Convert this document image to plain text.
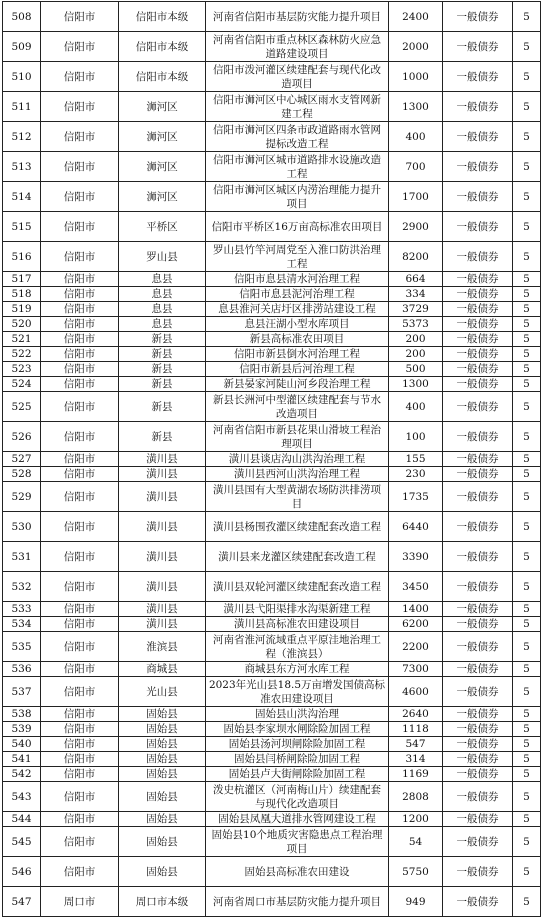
508	信阳市	信阳市本级	河南省信阳市基层防灾能力提升项目	2400	一般债券	5
509	信阳市	信阳市本级	河南省信阳市重点林区森林防火应急道路建设项目	2000	一般债券	5
510	信阳市	信阳市本级	信阳市泼河灌区续建配套与现代化改造项目	1000	一般债券	5
511	信阳市	浉河区	信阳市浉河区中心城区雨水支管网新建工程	1300	一般债券	5
512	信阳市	浉河区	信阳市浉河区四条市政道路雨水管网提标改造工程	400	一般债券	5
513	信阳市	浉河区	信阳市浉河区城市道路排水设施改造工程	700	一般债券	5
514	信阳市	浉河区	信阳市浉河区城区内涝治理能力提升项目	1700	一般债券	5
515	信阳市	平桥区	信阳市平桥区16万亩高标准农田项目	2900	一般债券	5
516	信阳市	罗山县	罗山县竹竿河周党至入淮口防洪治理工程	8200	一般债券	5
517	信阳市	息县	信阳市息县清水河治理工程	664	一般债券	5
518	信阳市	息县	信阳市息县泥河治理工程	334	一般债券	5
519	信阳市	息县	息县淮河关店圩区排涝站建设工程	3729	一般债券	5
520	信阳市	息县	息县汪湖小型水库项目	5373	一般债券	5
521	信阳市	新县	新县高标准农田项目	200	一般债券	5
522	信阳市	新县	信阳市新县倒水河治理工程	200	一般债券	5
523	信阳市	新县	信阳市新县后河治理工程	500	一般债券	5
524	信阳市	新县	新县晏家河陡山河乡段治理工程	1300	一般债券	5
525	信阳市	新县	新县长洲河中型灌区续建配套与节水改造项目	400	一般债券	5
526	信阳市	新县	河南省信阳市新县花果山滑坡工程治理项目	100	一般债券	5
527	信阳市	潢川县	潢川县谈店沟山洪沟治理工程	155	一般债券	5
528	信阳市	潢川县	潢川县西河山洪沟治理工程	230	一般债券	5
529	信阳市	潢川县	潢川县国有大型黄湖农场防洪排涝项目	1735	一般债券	5
530	信阳市	潢川县	潢川县杨围孜灌区续建配套改造工程	6440	一般债券	5
531	信阳市	潢川县	潢川县来龙灌区续建配套改造工程	3390	一般债券	5
532	信阳市	潢川县	潢川县双轮河灌区续建配套改造工程	3450	一般债券	5
533	信阳市	潢川县	潢川县弋阳渠排水沟渠新建工程	1400	一般债券	5
534	信阳市	潢川县	潢川县高标准农田建设项目	6200	一般债券	5
535	信阳市	淮滨县	河南省淮河流域重点平原洼地治理工程（淮滨县）	2200	一般债券	5
536	信阳市	商城县	商城县东方河水库工程	7300	一般债券	5
537	信阳市	光山县	2023年光山县18.5万亩增发国债高标准农田建设项目	4600	一般债券	5
538	信阳市	固始县	固始县山洪沟治理	2640	一般债券	5
539	信阳市	固始县	固始县李家坝水闸除险加固工程	1118	一般债券	5
540	信阳市	固始县	固始县汤河坝闸除险加固工程	547	一般债券	5
541	信阳市	固始县	固始县闫桥闸除险加固工程	314	一般债券	5
542	信阳市	固始县	固始县卢大街闸除险加固工程	1169	一般债券	5
543	信阳市	固始县	泼史杭灌区（河南梅山片）续建配套与现代化改造项目	2808	一般债券	5
544	信阳市	固始县	固始县凤凰大道排水管网建设工程	1200	一般债券	5
545	信阳市	固始县	固始县10个地质灾害隐患点工程治理项目	54	一般债券	5
546	信阳市	固始县	固始县高标准农田建设	5750	一般债券	5
547	周口市	周口市本级	河南省周口市基层防灾能力提升项目	949	一般债券	5
